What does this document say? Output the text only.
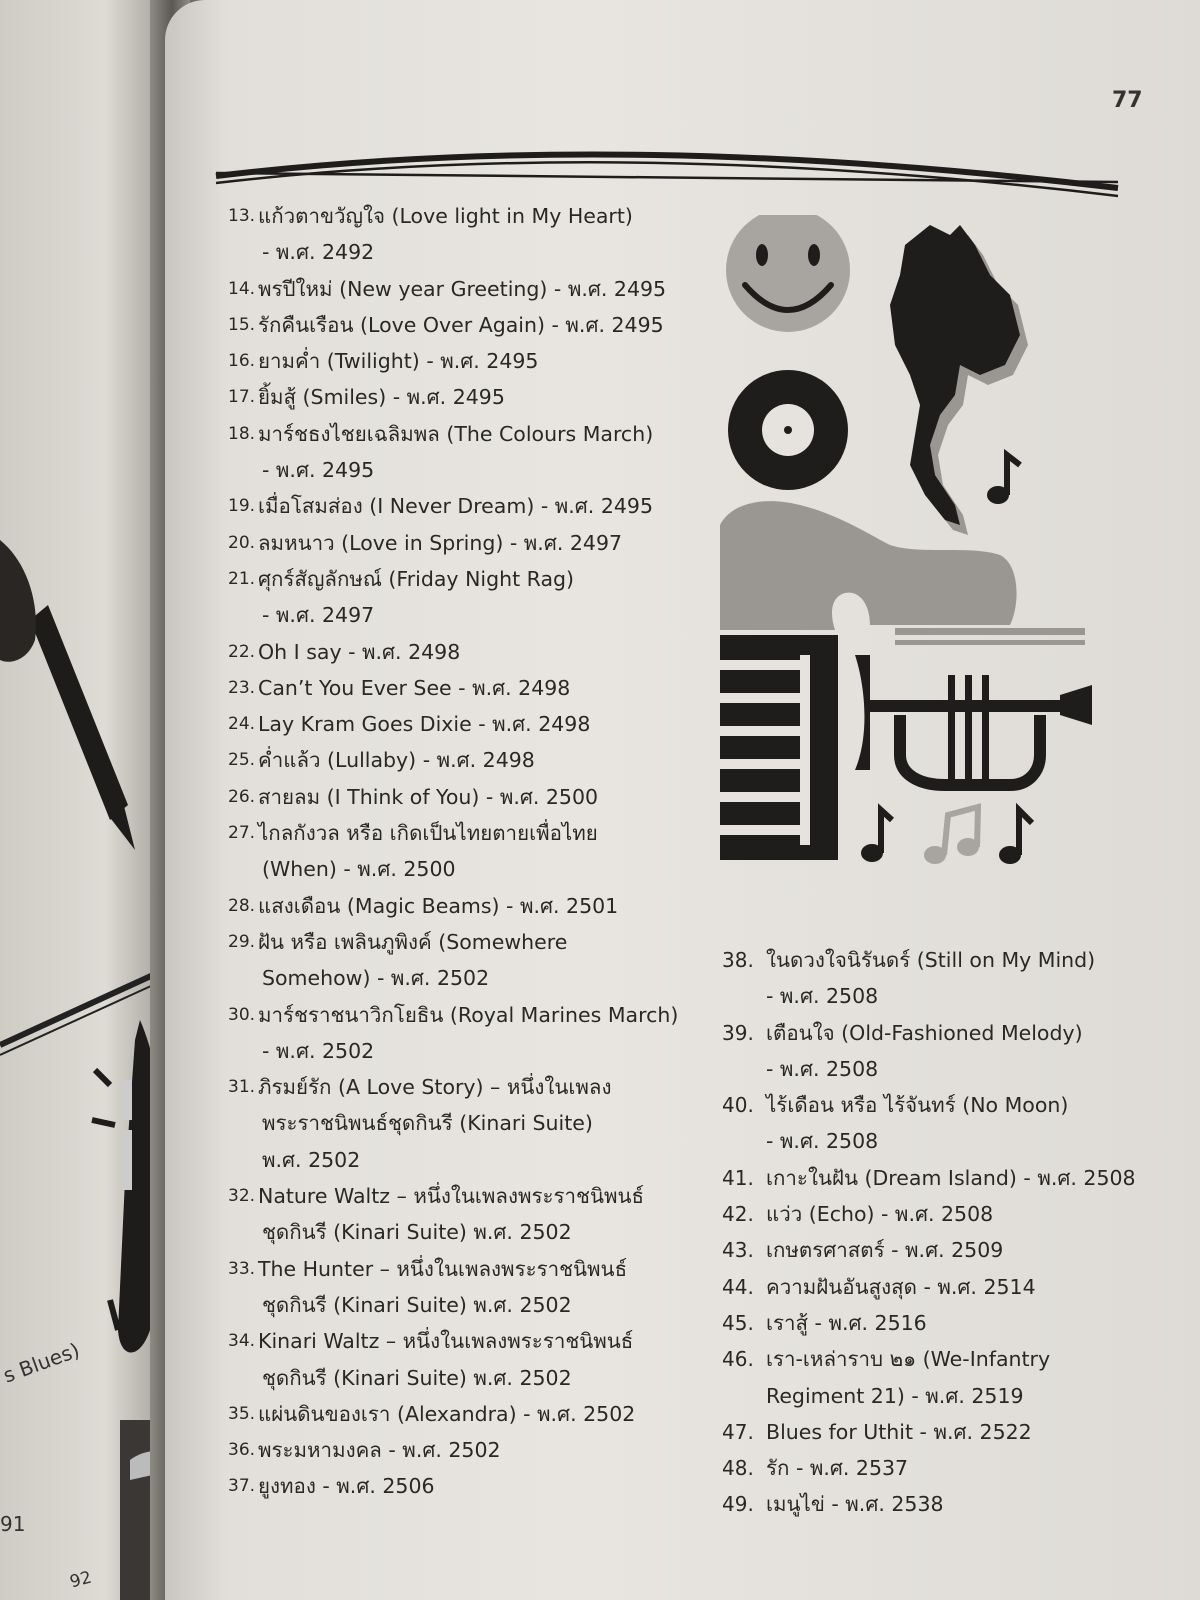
s Blues)
91
92
77
13. แก้วตาขวัญใจ (Love light in My Heart)
- พ.ศ. 2492
14. พรปีใหม่ (New year Greeting) - พ.ศ. 2495
15. รักคืนเรือน (Love Over Again) - พ.ศ. 2495
16. ยามค่ำ (Twilight) - พ.ศ. 2495
17. ยิ้มสู้ (Smiles) - พ.ศ. 2495
18. มาร์ชธงไชยเฉลิมพล (The Colours March)
- พ.ศ. 2495
19. เมื่อโสมส่อง (I Never Dream) - พ.ศ. 2495
20. ลมหนาว (Love in Spring) - พ.ศ. 2497
21. ศุกร์สัญลักษณ์ (Friday Night Rag)
- พ.ศ. 2497
22. Oh I say - พ.ศ. 2498
23. Can’t You Ever See - พ.ศ. 2498
24. Lay Kram Goes Dixie - พ.ศ. 2498
25. ค่ำแล้ว (Lullaby) - พ.ศ. 2498
26. สายลม (I Think of You) - พ.ศ. 2500
27. ไกลกังวล หรือ เกิดเป็นไทยตายเพื่อไทย
(When) - พ.ศ. 2500
28. แสงเดือน (Magic Beams) - พ.ศ. 2501
29. ฝัน หรือ เพลินภูพิงค์ (Somewhere
Somehow) - พ.ศ. 2502
30. มาร์ชราชนาวิกโยธิน (Royal Marines March)
- พ.ศ. 2502
31. ภิรมย์รัก (A Love Story) – หนึ่งในเพลง
พระราชนิพนธ์ชุดกินรี (Kinari Suite)
พ.ศ. 2502
32. Nature Waltz – หนึ่งในเพลงพระราชนิพนธ์
ชุดกินรี (Kinari Suite) พ.ศ. 2502
33. The Hunter – หนึ่งในเพลงพระราชนิพนธ์
ชุดกินรี (Kinari Suite) พ.ศ. 2502
34. Kinari Waltz – หนึ่งในเพลงพระราชนิพนธ์
ชุดกินรี (Kinari Suite) พ.ศ. 2502
35. แผ่นดินของเรา (Alexandra) - พ.ศ. 2502
36. พระมหามงคล - พ.ศ. 2502
37. ยูงทอง - พ.ศ. 2506
38. ในดวงใจนิรันดร์ (Still on My Mind)
- พ.ศ. 2508
39. เตือนใจ (Old-Fashioned Melody)
- พ.ศ. 2508
40. ไร้เดือน หรือ ไร้จันทร์ (No Moon)
- พ.ศ. 2508
41. เกาะในฝัน (Dream Island) - พ.ศ. 2508
42. แว่ว (Echo) - พ.ศ. 2508
43. เกษตรศาสตร์ - พ.ศ. 2509
44. ความฝันอันสูงสุด - พ.ศ. 2514
45. เราสู้ - พ.ศ. 2516
46. เรา-เหล่าราบ ๒๑ (We-Infantry
Regiment 21) - พ.ศ. 2519
47. Blues for Uthit - พ.ศ. 2522
48. รัก - พ.ศ. 2537
49. เมนูไข่ - พ.ศ. 2538
